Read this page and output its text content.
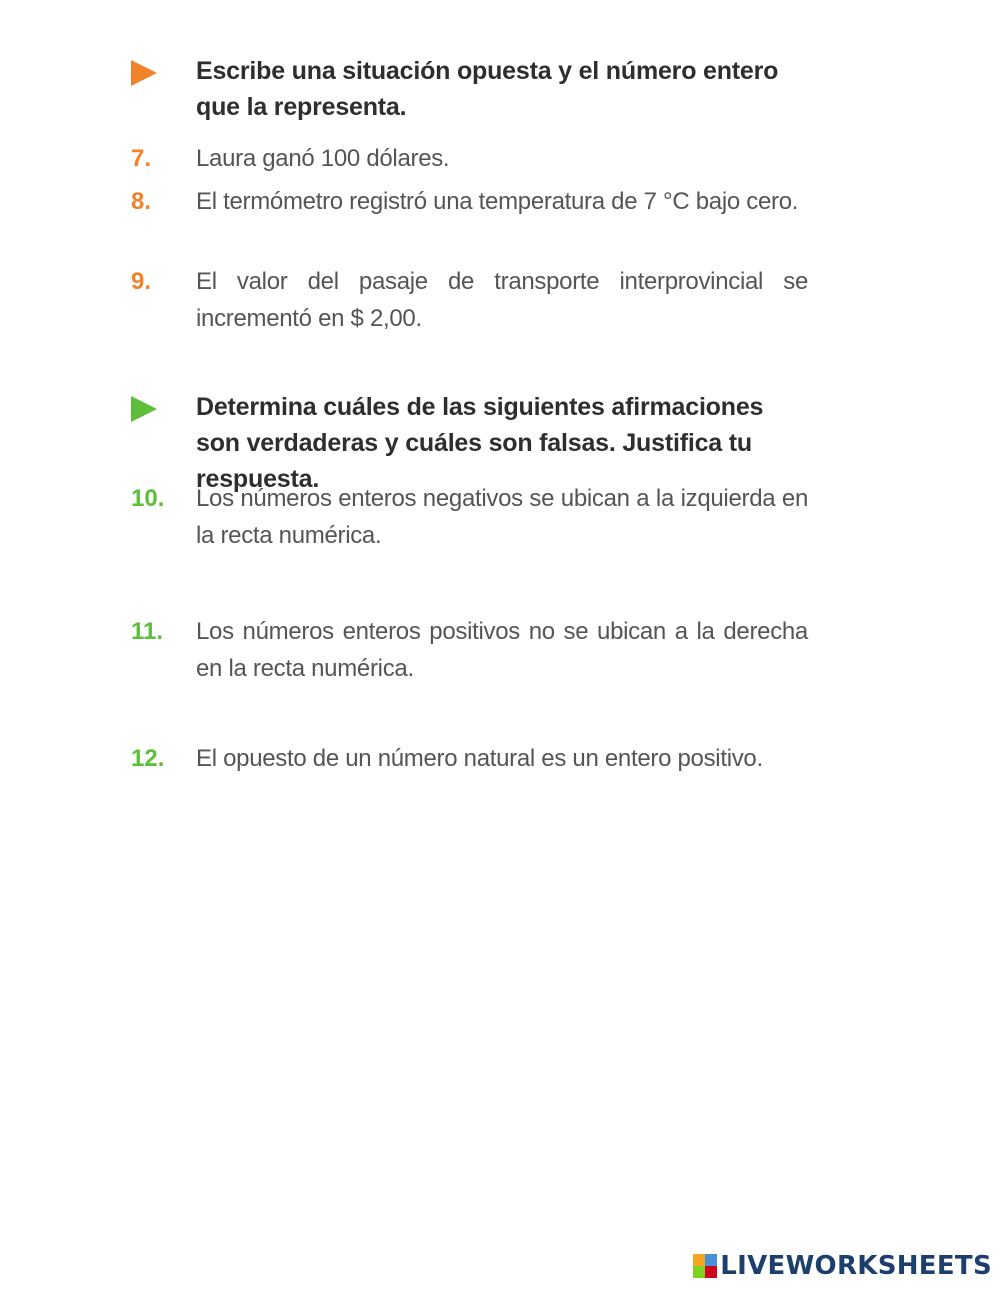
Escribe una situación opuesta y el número entero que la representa.
7. Laura ganó 100 dólares.
8. El termómetro registró una temperatura de 7 °C bajo cero.
9. El valor del pasaje de transporte interprovincial se incrementó en $ 2,00.
Determina cuáles de las siguientes afirmaciones son verdaderas y cuáles son falsas. Justifica tu respuesta.
10. Los números enteros negativos se ubican a la izquierda en la recta numérica.
11. Los números enteros positivos no se ubican a la derecha en la recta numérica.
12. El opuesto de un número natural es un entero positivo.
LIVEWORKSHEETS
